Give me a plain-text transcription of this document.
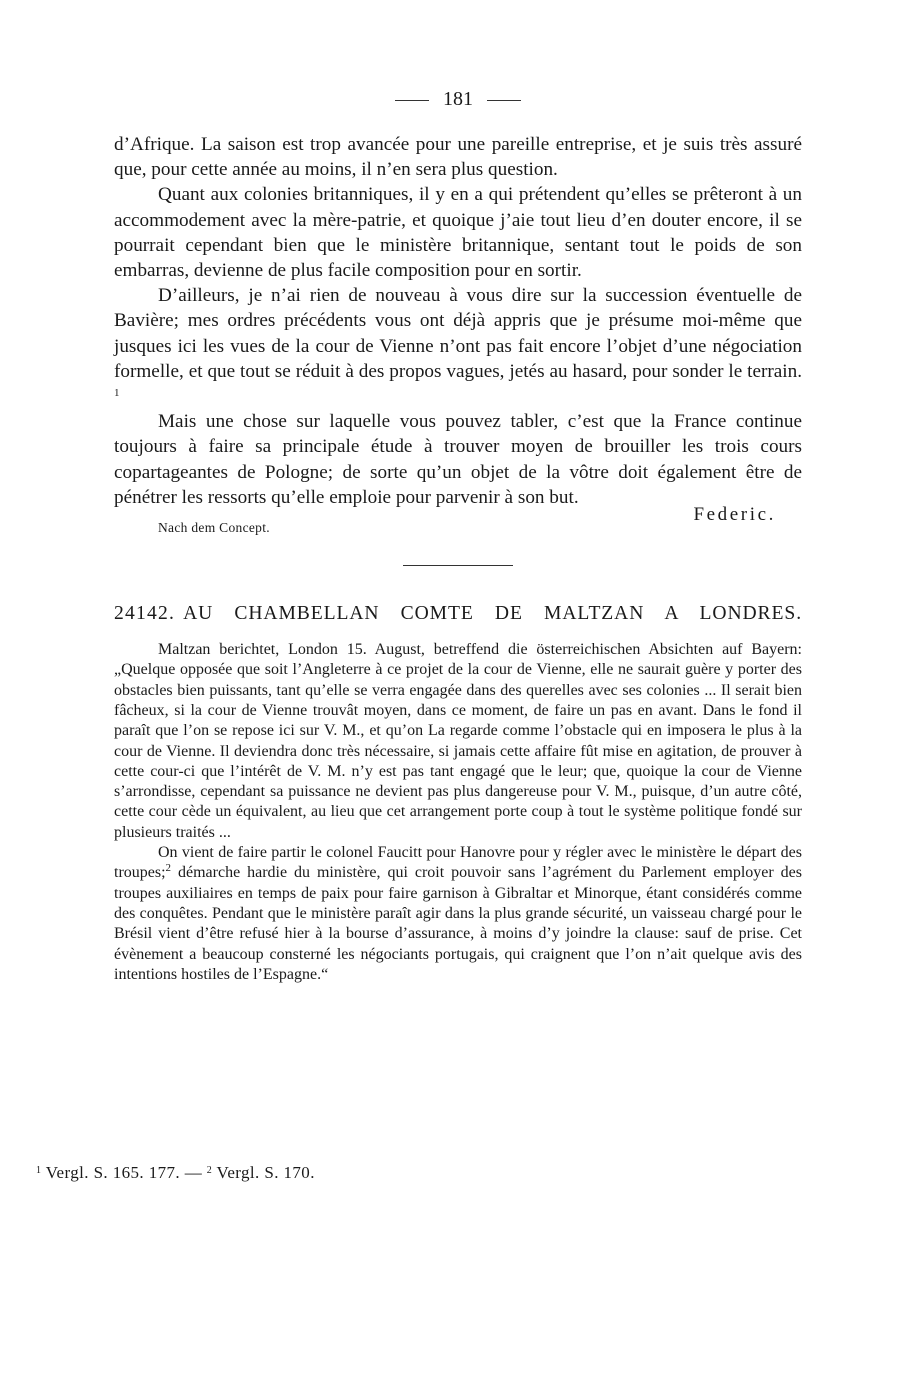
181

d’Afrique. La saison est trop avancée pour une pareille entreprise, et je suis très assuré que, pour cette année au moins, il n’en sera plus question.

Quant aux colonies britanniques, il y en a qui prétendent qu’elles se prêteront à un accommodement avec la mère-patrie, et quoique j’aie tout lieu d’en douter encore, il se pourrait cependant bien que le ministère britannique, sentant tout le poids de son embarras, devienne de plus facile composition pour en sortir.

D’ailleurs, je n’ai rien de nouveau à vous dire sur la succession éventuelle de Bavière; mes ordres précédents vous ont déjà appris que je présume moi-même que jusques ici les vues de la cour de Vienne n’ont pas fait encore l’objet d’une négociation formelle, et que tout se réduit à des propos vagues, jetés au hasard, pour sonder le terrain. $^1$

Mais une chose sur laquelle vous pouvez tabler, c’est que la France continue toujours à faire sa principale étude à trouver moyen de brouiller les trois cours copartageantes de Pologne; de sorte qu’un objet de la vôtre doit également être de pénétrer les ressorts qu’elle emploie pour parvenir à son but.

Nach dem Concept.
Federic.
24142. AU CHAMBELLAN COMTE DE MALTZAN A LONDRES.

Maltzan berichtet, London 15. August, betreffend die österreichischen Absichten auf Bayern: „Quelque opposée que soit l’Angleterre à ce projet de la cour de Vienne, elle ne saurait guère y porter des obstacles bien puissants, tant qu’elle se verra engagée dans des querelles avec ses colonies ... Il serait bien fâcheux, si la cour de Vienne trouvât moyen, dans ce moment, de faire un pas en avant. Dans le fond il paraît que l’on se repose ici sur V. M., et qu’on La regarde comme l’obstacle qui en imposera le plus à la cour de Vienne. Il deviendra donc très nécessaire, si jamais cette affaire fût mise en agitation, de prouver à cette cour-ci que l’intérêt de V. M. n’y est pas tant engagé que le leur; que, quoique la cour de Vienne s’arrondisse, cependant sa puissance ne devient pas plus dangereuse pour V. M., puisque, d’un autre côté, cette cour cède un équivalent, au lieu que cet arrangement porte coup à tout le système politique fondé sur plusieurs traités ...

On vient de faire partir le colonel Faucitt pour Hanovre pour y régler avec le ministère le départ des troupes;$^2$ démarche hardie du ministère, qui croit pouvoir sans l’agrément du Parlement employer des troupes auxiliaires en temps de paix pour faire garnison à Gibraltar et Minorque, étant considérés comme des conquêtes. Pendant que le ministère paraît agir dans la plus grande sécurité, un vaisseau chargé pour le Brésil vient d’être refusé hier à la bourse d’assurance, à moins d’y joindre la clause: sauf de prise. Cet évènement a beaucoup consterné les négociants portugais, qui craignent que l’on n’ait quelque avis des intentions hostiles de l’Espagne.“

$^1$ Vergl. S. 165. 177. — $^2$ Vergl. S. 170.
